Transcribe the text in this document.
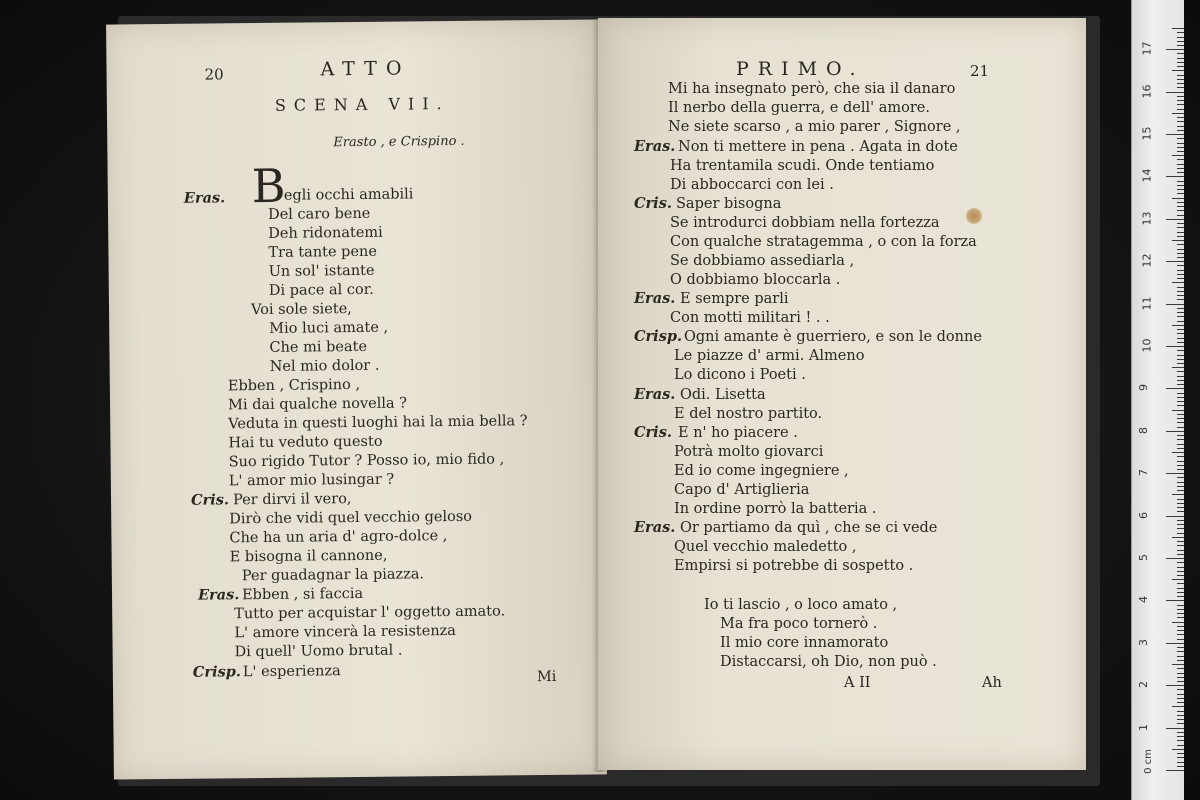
20	ATTO
SCENA VII.
Erasto , e Crispino .
Eras. B
egli occhi amabili
Del caro bene
Deh ridonatemi
Tra tante pene
Un sol' istante
Di pace al cor.
Voi sole siete,
Mio luci amate ,
Che mi beate
Nel mio dolor .
Ebben , Crispino ,
Mi dai qualche novella ?
Veduta in questi luoghi hai la mia bella ?
Hai tu veduto questo
Suo rigido Tutor ? Posso io, mio fido ,
L' amor mio lusingar ?
Cris. Per dirvi il vero,
Dirò che vidi quel vecchio geloso
Che ha un aria d' agro-dolce ,
E bisogna il cannone,
Per guadagnar la piazza.
Eras. Ebben , si faccia
Tutto per acquistar l' oggetto amato.
L' amore vincerà la resistenza
Di quell' Uomo brutal .
Crisp. L' esperienza	Mi
PRIMO.	21
Mi ha insegnato però, che sia il danaro
Il nerbo della guerra, e dell' amore.
Ne siete scarso , a mio parer , Signore ,
Eras. Non ti mettere in pena . Agata in dote
Ha trentamila scudi. Onde tentiamo
Di abboccarci con lei .
Cris. Saper bisogna
Se introdurci dobbiam nella fortezza
Con qualche stratagemma , o con la forza
Se dobbiamo assediarla ,
O dobbiamo bloccarla .
Eras. E sempre parli
Con motti militari ! . .
Crisp. Ogni amante è guerriero, e son le donne
Le piazze d' armi. Almeno
Lo dicono i Poeti .
Eras. Odi. Lisetta
E del nostro partito.
Cris. E n' ho piacere .
Potrà molto giovarci
Ed io come ingegniere ,
Capo d' Artiglieria
In ordine porrò la batteria .
Eras. Or partiamo da quì , che se ci vede
Quel vecchio maledetto ,
Empirsi si potrebbe di sospetto .
Io ti lascio , o loco amato ,
Ma fra poco tornerò .
Il mio core innamorato
Distaccarsi, oh Dio, non può .
A II	Ah
1
2
3
4
5
6
7
8
9
10
11
12
13
14
15
16
17
0 cm
